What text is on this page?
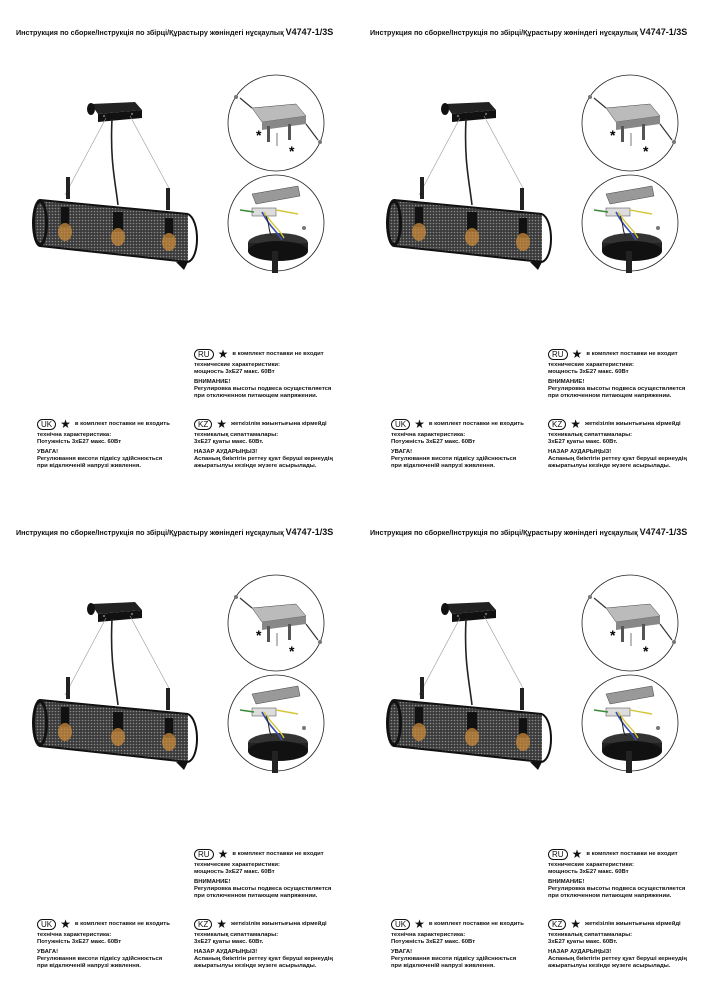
Инструкция по сборке/Інструкція по збірці/Құрастыру жөніндегі нұсқаулық V4747-1/3S
*
*
RU ★ в комплект поставки не входит
технические характеристики:
мощность 3хЕ27 макс. 60Вт
ВНИМАНИЕ!
Регулировка высоты подвеса осуществляется
при отключенном питающем напряжении.
UK ★ в комплект поставки не входить
технічна характеристика:
Потужність 3хЕ27 макс. 60Вт
УВАГА!
Регулювання висоти підвісу здійснюється
при відключеній напрузі живлення.
KZ ★ жеткізілім жиынтығына кірмейді
техникалық сипаттамалары:
3хЕ27 қуаты макс. 60Вт.
НАЗАР АУДАРЫҢЫЗ!
Аспаның биіктігін реттеу қуат беруші кернеудің
ажыратылуы кезінде жүзеге асырылады.
Инструкция по сборке/Інструкція по збірці/Құрастыру жөніндегі нұсқаулық V4747-1/3S
*
*
RU ★ в комплект поставки не входит
технические характеристики:
мощность 3хЕ27 макс. 60Вт
ВНИМАНИЕ!
Регулировка высоты подвеса осуществляется
при отключенном питающем напряжении.
UK ★ в комплект поставки не входить
технічна характеристика:
Потужність 3хЕ27 макс. 60Вт
УВАГА!
Регулювання висоти підвісу здійснюється
при відключеній напрузі живлення.
KZ ★ жеткізілім жиынтығына кірмейді
техникалық сипаттамалары:
3хЕ27 қуаты макс. 60Вт.
НАЗАР АУДАРЫҢЫЗ!
Аспаның биіктігін реттеу қуат беруші кернеудің
ажыратылуы кезінде жүзеге асырылады.
Инструкция по сборке/Інструкція по збірці/Құрастыру жөніндегі нұсқаулық V4747-1/3S
*
*
RU ★ в комплект поставки не входит
технические характеристики:
мощность 3хЕ27 макс. 60Вт
ВНИМАНИЕ!
Регулировка высоты подвеса осуществляется
при отключенном питающем напряжении.
UK ★ в комплект поставки не входить
технічна характеристика:
Потужність 3хЕ27 макс. 60Вт
УВАГА!
Регулювання висоти підвісу здійснюється
при відключеній напрузі живлення.
KZ ★ жеткізілім жиынтығына кірмейді
техникалық сипаттамалары:
3хЕ27 қуаты макс. 60Вт.
НАЗАР АУДАРЫҢЫЗ!
Аспаның биіктігін реттеу қуат беруші кернеудің
ажыратылуы кезінде жүзеге асырылады.
Инструкция по сборке/Інструкція по збірці/Құрастыру жөніндегі нұсқаулық V4747-1/3S
*
*
RU ★ в комплект поставки не входит
технические характеристики:
мощность 3хЕ27 макс. 60Вт
ВНИМАНИЕ!
Регулировка высоты подвеса осуществляется
при отключенном питающем напряжении.
UK ★ в комплект поставки не входить
технічна характеристика:
Потужність 3хЕ27 макс. 60Вт
УВАГА!
Регулювання висоти підвісу здійснюється
при відключеній напрузі живлення.
KZ ★ жеткізілім жиынтығына кірмейді
техникалық сипаттамалары:
3хЕ27 қуаты макс. 60Вт.
НАЗАР АУДАРЫҢЫЗ!
Аспаның биіктігін реттеу қуат беруші кернеудің
ажыратылуы кезінде жүзеге асырылады.
